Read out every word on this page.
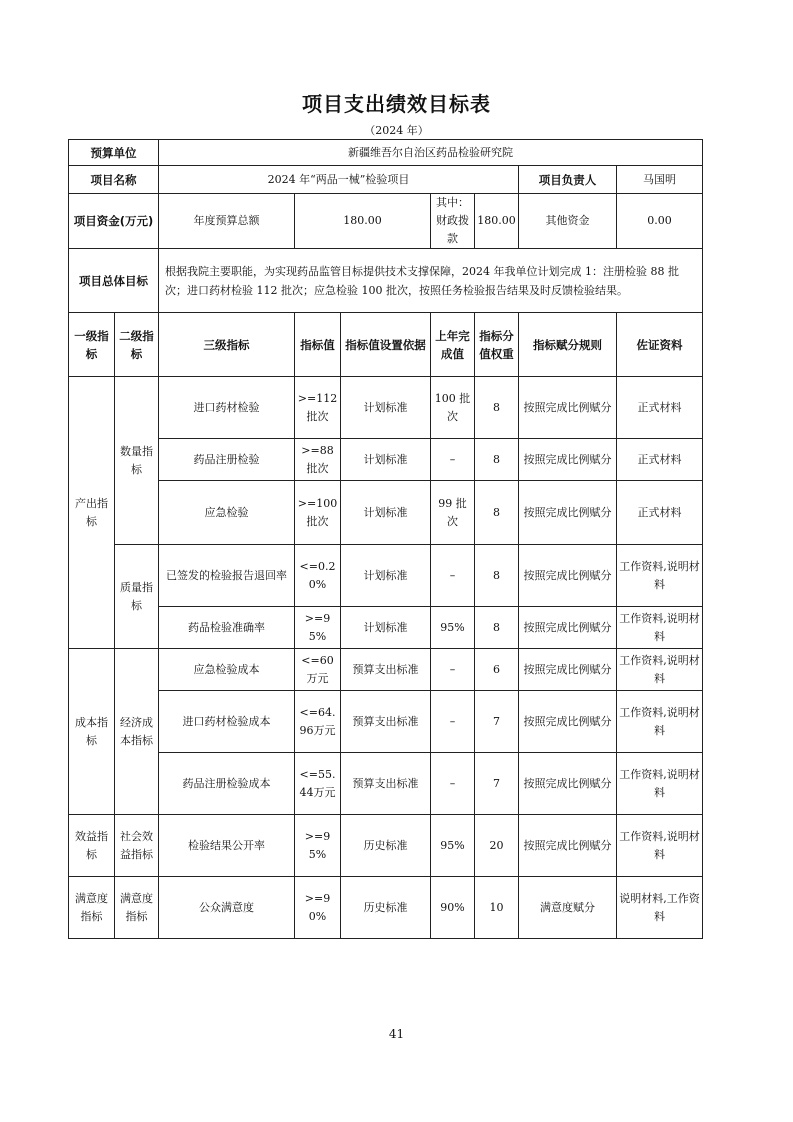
项目支出绩效目标表
（2024 年）
预算单位		新疆维吾尔自治区药品检验研究院						
项目名称		2024 年“两品一械”检验项目					项目负责人	马国明
项目资金(万元)		年度预算总额	180.00		其中：财政拨款	180.00	其他资金	0.00
项目总体目标		根据我院主要职能，为实现药品监管目标提供技术支撑保障，2024 年我单位计划完成 1：注册检验 88 批次；进口药材检验 112 批次；应急检验 100 批次，按照任务检验报告结果及时反馈检验结果。						
一级指标	二级指标	三级指标	指标值	指标值设置依据	上年完成值	指标分值权重	指标赋分规则	佐证资料
产出指标	数量指标	进口药材检验	>=112批次	计划标准	100 批次	8	按照完成比例赋分	正式材料
		药品注册检验	>=88批次	计划标准	–	8	按照完成比例赋分	正式材料
		应急检验	>=100批次	计划标准	99 批次	8	按照完成比例赋分	正式材料
	质量指标	已签发的检验报告退回率	<=0.20%	计划标准	–	8	按照完成比例赋分	工作资料,说明材料
		药品检验准确率	>=95%	计划标准	95%	8	按照完成比例赋分	工作资料,说明材料
成本指标	经济成本指标	应急检验成本	<=60万元	预算支出标准	–	6	按照完成比例赋分	工作资料,说明材料
		进口药材检验成本	<=64.96万元	预算支出标准	–	7	按照完成比例赋分	工作资料,说明材料
		药品注册检验成本	<=55.44万元	预算支出标准	–	7	按照完成比例赋分	工作资料,说明材料
效益指标	社会效益指标	检验结果公开率	>=95%	历史标准	95%	20	按照完成比例赋分	工作资料,说明材料
满意度指标	满意度指标	公众满意度	>=90%	历史标准	90%	10	满意度赋分	说明材料,工作资料
41
